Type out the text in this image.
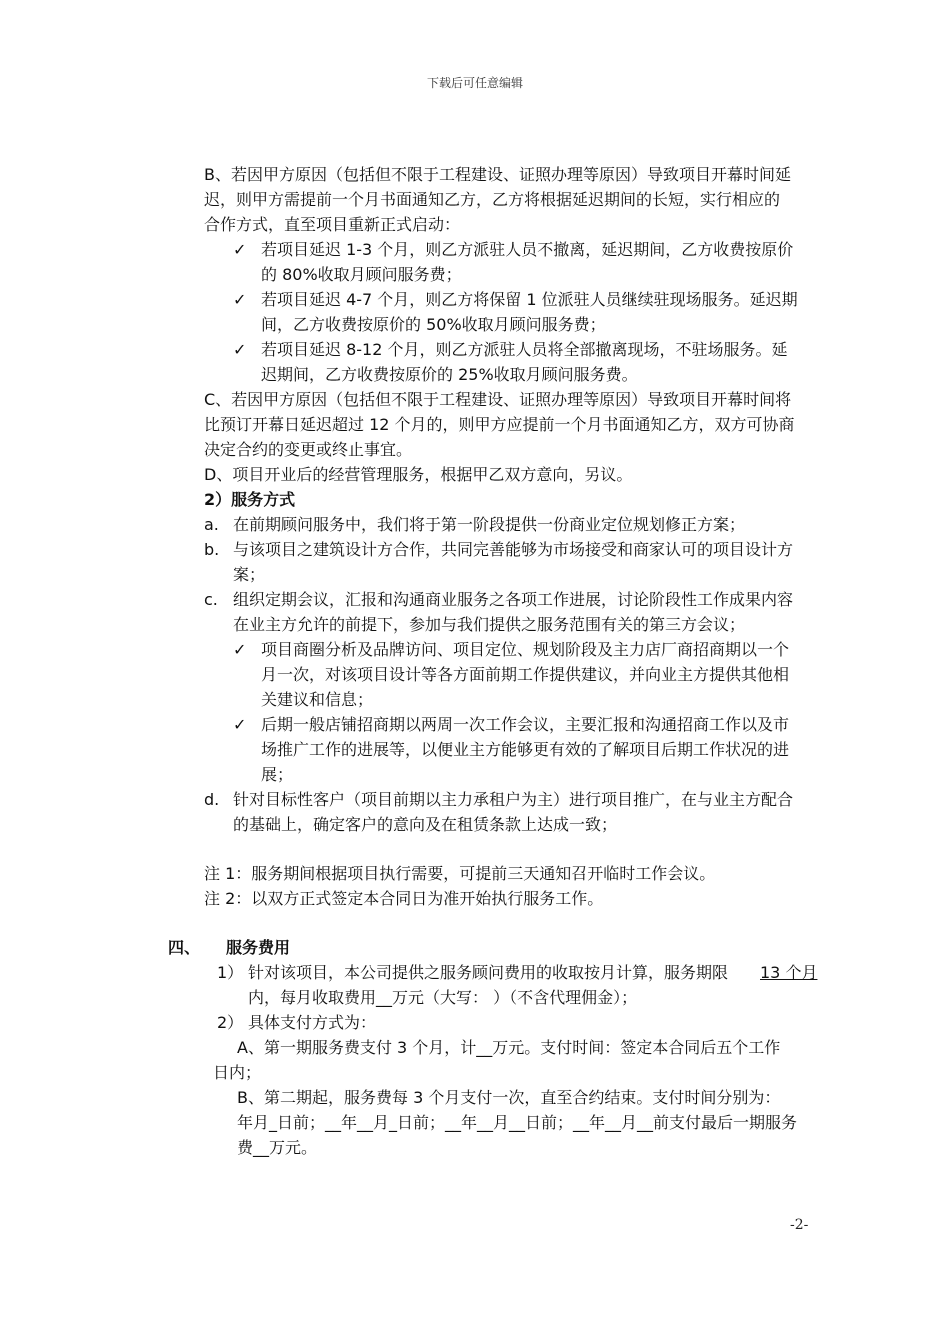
下载后可任意编辑
B、若因甲方原因（包括但不限于工程建设、证照办理等原因）导致项目开幕时间延
迟，则甲方需提前一个月书面通知乙方，乙方将根据延迟期间的长短，实行相应的
合作方式，直至项目重新正式启动：
✓ 若项目延迟 1-3 个月，则乙方派驻人员不撤离，延迟期间，乙方收费按原价
的 80%收取月顾问服务费；
✓ 若项目延迟 4-7 个月，则乙方将保留 1 位派驻人员继续驻现场服务。延迟期
间，乙方收费按原价的 50%收取月顾问服务费；
✓ 若项目延迟 8-12 个月，则乙方派驻人员将全部撤离现场，不驻场服务。延
迟期间，乙方收费按原价的 25%收取月顾问服务费。
C、若因甲方原因（包括但不限于工程建设、证照办理等原因）导致项目开幕时间将
比预订开幕日延迟超过 12 个月的，则甲方应提前一个月书面通知乙方，双方可协商
决定合约的变更或终止事宜。
D、项目开业后的经营管理服务，根据甲乙双方意向，另议。
2）服务方式
a. 在前期顾问服务中，我们将于第一阶段提供一份商业定位规划修正方案；
b. 与该项目之建筑设计方合作，共同完善能够为市场接受和商家认可的项目设计方
案；
c. 组织定期会议，汇报和沟通商业服务之各项工作进展，讨论阶段性工作成果内容
在业主方允许的前提下，参加与我们提供之服务范围有关的第三方会议；
✓ 项目商圈分析及品牌访问、项目定位、规划阶段及主力店厂商招商期以一个
月一次，对该项目设计等各方面前期工作提供建议，并向业主方提供其他相
关建议和信息；
✓ 后期一般店铺招商期以两周一次工作会议，主要汇报和沟通招商工作以及市
场推广工作的进展等，以便业主方能够更有效的了解项目后期工作状况的进
展；
d. 针对目标性客户（项目前期以主力承租户为主）进行项目推广，在与业主方配合
的基础上，确定客户的意向及在租赁条款上达成一致；
注 1：服务期间根据项目执行需要，可提前三天通知召开临时工作会议。
注 2：以双方正式签定本合同日为准开始执行服务工作。
四、 服务费用
1） 针对该项目，本公司提供之服务顾问费用的收取按月计算，服务期限 13 个月
内，每月收取费用__万元（大写： ）（不含代理佣金）；
2） 具体支付方式为：
A、第一期服务费支付 3 个月，计__万元。支付时间：签定本合同后五个工作
日内；
B、第二期起，服务费每 3 个月支付一次，直至合约结束。支付时间分别为：
年月_日前；__年__月_日前；__年__月__日前；__年__月__前支付最后一期服务
费__万元。
-2-
